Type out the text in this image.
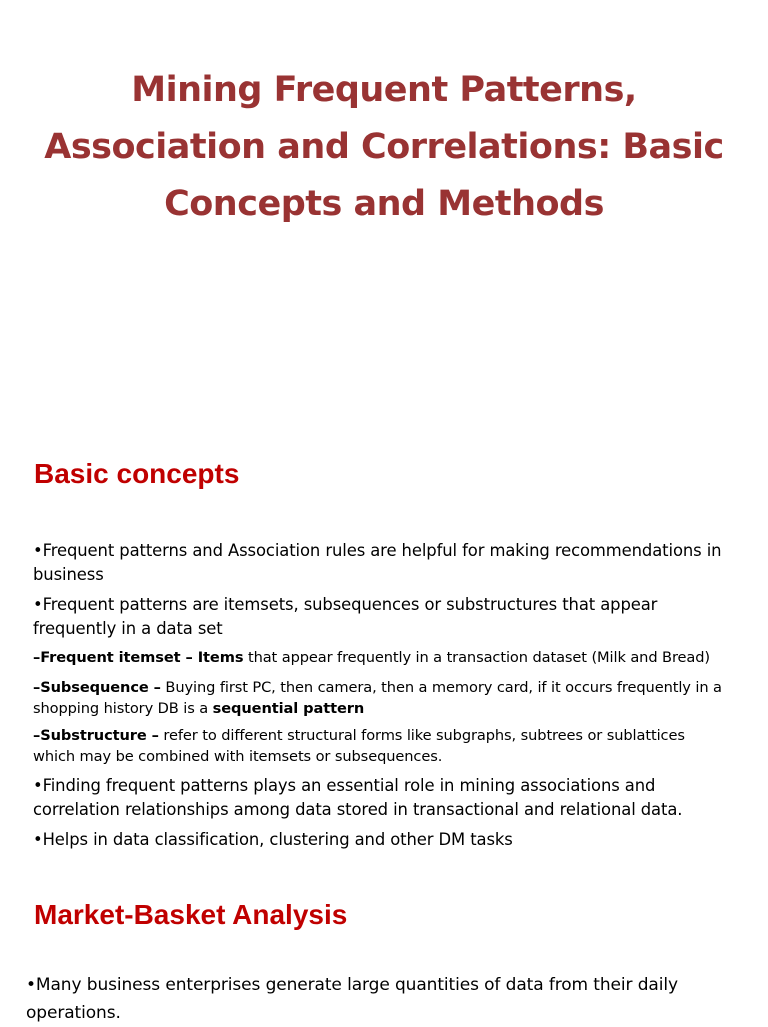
Mining Frequent Patterns,
Association and Correlations: Basic
Concepts and Methods
Basic concepts

•Frequent patterns and Association rules are helpful for making recommendations in
business

•Frequent patterns are itemsets, subsequences or substructures that appear
frequently in a data set

–Frequent itemset – Items that appear frequently in a transaction dataset (Milk and Bread)

–Subsequence – Buying first PC, then camera, then a memory card, if it occurs frequently in a
shopping history DB is a sequential pattern

–Substructure – refer to different structural forms like subgraphs, subtrees or sublattices
which may be combined with itemsets or subsequences.

•Finding frequent patterns plays an essential role in mining associations and
correlation relationships among data stored in transactional and relational data.

•Helps in data classification, clustering and other DM tasks

Market-Basket Analysis

•Many business enterprises generate large quantities of data from their daily
operations.
